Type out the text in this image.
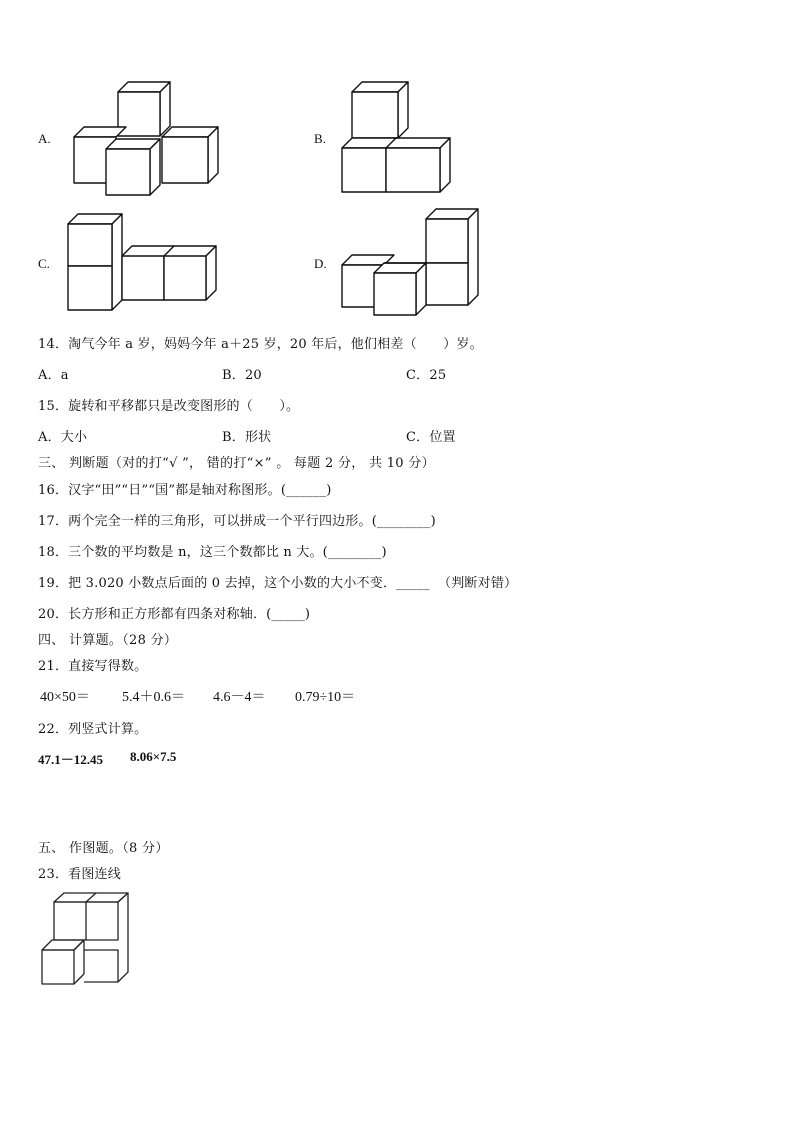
A.	B.
C.	D.
14．淘气今年 a 岁，妈妈今年 a＋25 岁，20 年后，他们相差（　　）岁。
A．a	B．20	C．25
15．旋转和平移都只是改变图形的（　　）。
A．大小	B．形状	C．位置
三、 判断题（对的打“√ ”， 错的打“×” 。 每题 2 分， 共 10 分）
16．汉字“田”“日”“国”都是轴对称图形。(______)
17．两个完全一样的三角形，可以拼成一个平行四边形。(________)
18．三个数的平均数是 n，这三个数都比 n 大。(________)
19．把 3.020 小数点后面的 0 去掉，这个小数的大小不变．_____ （判断对错）
20．长方形和正方形都有四条对称轴．(_____)
四、 计算题。（28 分）
21．直接写得数。
40×50＝ 5.4＋0.6＝ 4.6－4＝ 0.79÷10＝
22．列竖式计算。
47.1－12.45 8.06×7.5
五、 作图题。（8 分）
23．看图连线
